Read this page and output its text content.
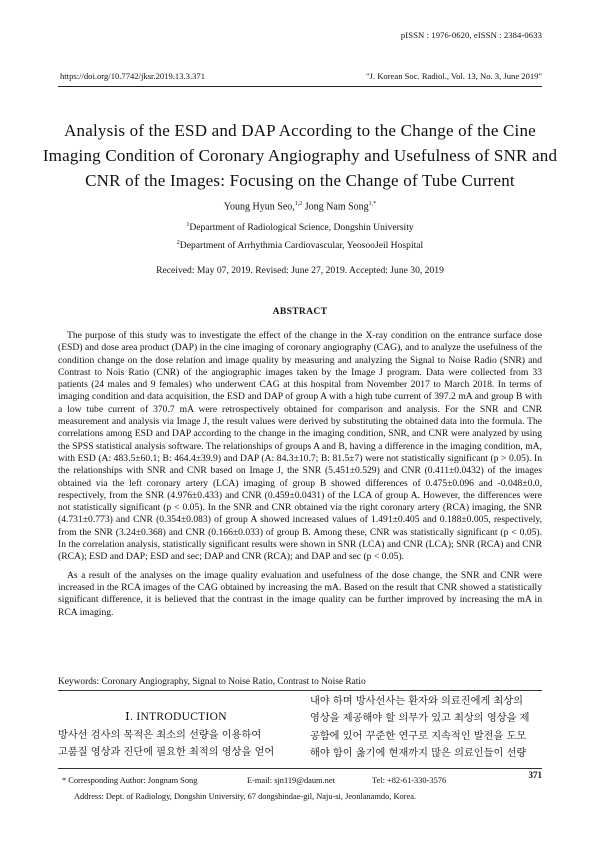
pISSN : 1976-0620, eISSN : 2384-0633
https://doi.org/10.7742/jksr.2019.13.3.371	"J. Korean Soc. Radiol., Vol. 13, No. 3, June 2019"
Analysis of the ESD and DAP According to the Change of the Cine
Imaging Condition of Coronary Angiography and Usefulness of SNR and
CNR of the Images: Focusing on the Change of Tube Current
Young Hyun Seo,$^{1,2}$ Jong Nam Song$^{1,*}$
$^1$Department of Radiological Science, Dongshin University
$^2$Department of Arrhythmia Cardiovascular, YeosooJeil Hospital
Received: May 07, 2019. Revised: June 27, 2019. Accepted: June 30, 2019
ABSTRACT

The purpose of this study was to investigate the effect of the change in the X-ray condition on the entrance surface dose (ESD) and dose area product (DAP) in the cine imaging of coronary angiography (CAG), and to analyze the usefulness of the condition change on the dose relation and image quality by measuring and analyzing the Signal to Noise Radio (SNR) and Contrast to Nois Ratio (CNR) of the angiographic images taken by the Image J program. Data were collected from 33 patients (24 males and 9 females) who underwent CAG at this hospital from November 2017 to March 2018. In terms of imaging condition and data acquisition, the ESD and DAP of group A with a high tube current of 397.2 mA and group B with a low tube current of 370.7 mA were retrospectively obtained for comparison and analysis. For the SNR and CNR measurement and analysis via Image J, the result values were derived by substituting the obtained data into the formula. The correlations among ESD and DAP according to the change in the imaging condition, SNR, and CNR were analyzed by using the SPSS statistical analysis software. The relationships of groups A and B, having a difference in the imaging condition, mA, with ESD (A: 483.5±60.1; B: 464.4±39.9) and DAP (A: 84.3±10.7; B: 81.5±7) were not statistically significant (p > 0.05). In the relationships with SNR and CNR based on Image J, the SNR (5.451±0.529) and CNR (0.411±0.0432) of the images obtained via the left coronary artery (LCA) imaging of group B showed differences of 0.475±0.096 and -0.048±0.0, respectively, from the SNR (4.976±0.433) and CNR (0.459±0.0431) of the LCA of group A. However, the differences were not statistically significant (p < 0.05). In the SNR and CNR obtained via the right coronary artery (RCA) imaging, the SNR (4.731±0.773) and CNR (0.354±0.083) of group A showed increased values of 1.491±0.405 and 0.188±0.005, respectively, from the SNR (3.24±0.368) and CNR (0.166±0.033) of group B. Among these, CNR was statistically significant (p < 0.05). In the correlation analysis, statistically significant results were shown in SNR (LCA) and CNR (LCA); SNR (RCA) and CNR (RCA); ESD and DAP; ESD and sec; DAP and CNR (RCA); and DAP and sec (p < 0.05).

As a result of the analyses on the image quality evaluation and usefulness of the dose change, the SNR and CNR were increased in the RCA images of the CAG obtained by increasing the mA. Based on the result that CNR showed a statistically significant difference, it is believed that the contrast in the image quality can be further improved by increasing the mA in RCA imaging.

Keywords: Coronary Angiography, Signal to Noise Ratio, Contrast to Noise Ratio
Ⅰ. INTRODUCTION

방사선 검사의 목적은 최소의 선량을 이용하여

고품질 영상과 진단에 필요한 최적의 영상을 얻어

내야 하며 방사선사는 환자와 의료진에게 최상의

영상을 제공해야 할 의무가 있고 최상의 영상을 제

공함에 있어 꾸준한 연구로 지속적인 발전을 도모

해야 함이 옳기에 현재까지 많은 의료인들이 선량

* Corresponding Author: Jongnam Song	E-mail: sjn119@daum.net	Tel: +82-61-330-3576
371
Address: Dept. of Radiology, Dongshin University, 67 dongshindae-gil, Naju-si, Jeonlanamdo, Korea.
